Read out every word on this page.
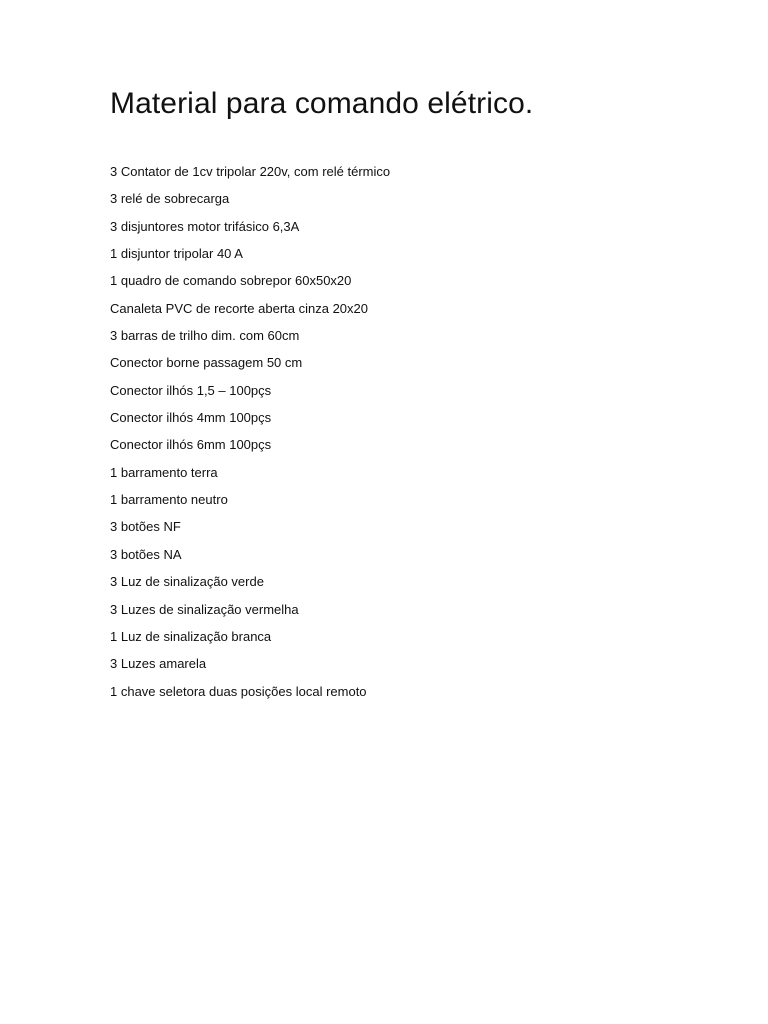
Material para comando elétrico.
3 Contator de 1cv tripolar 220v, com relé térmico
3 relé de sobrecarga
3 disjuntores motor trifásico 6,3A
1 disjuntor tripolar 40 A
1 quadro de comando sobrepor 60x50x20
Canaleta PVC de recorte aberta cinza 20x20
3 barras de trilho dim. com 60cm
Conector borne passagem 50 cm
Conector ilhós 1,5 – 100pçs
Conector ilhós 4mm 100pçs
Conector ilhós 6mm 100pçs
1 barramento terra
1 barramento neutro
3 botões NF
3 botões NA
3 Luz de sinalização verde
3 Luzes de sinalização vermelha
1 Luz de sinalização branca
3 Luzes amarela
1 chave seletora duas posições local remoto
